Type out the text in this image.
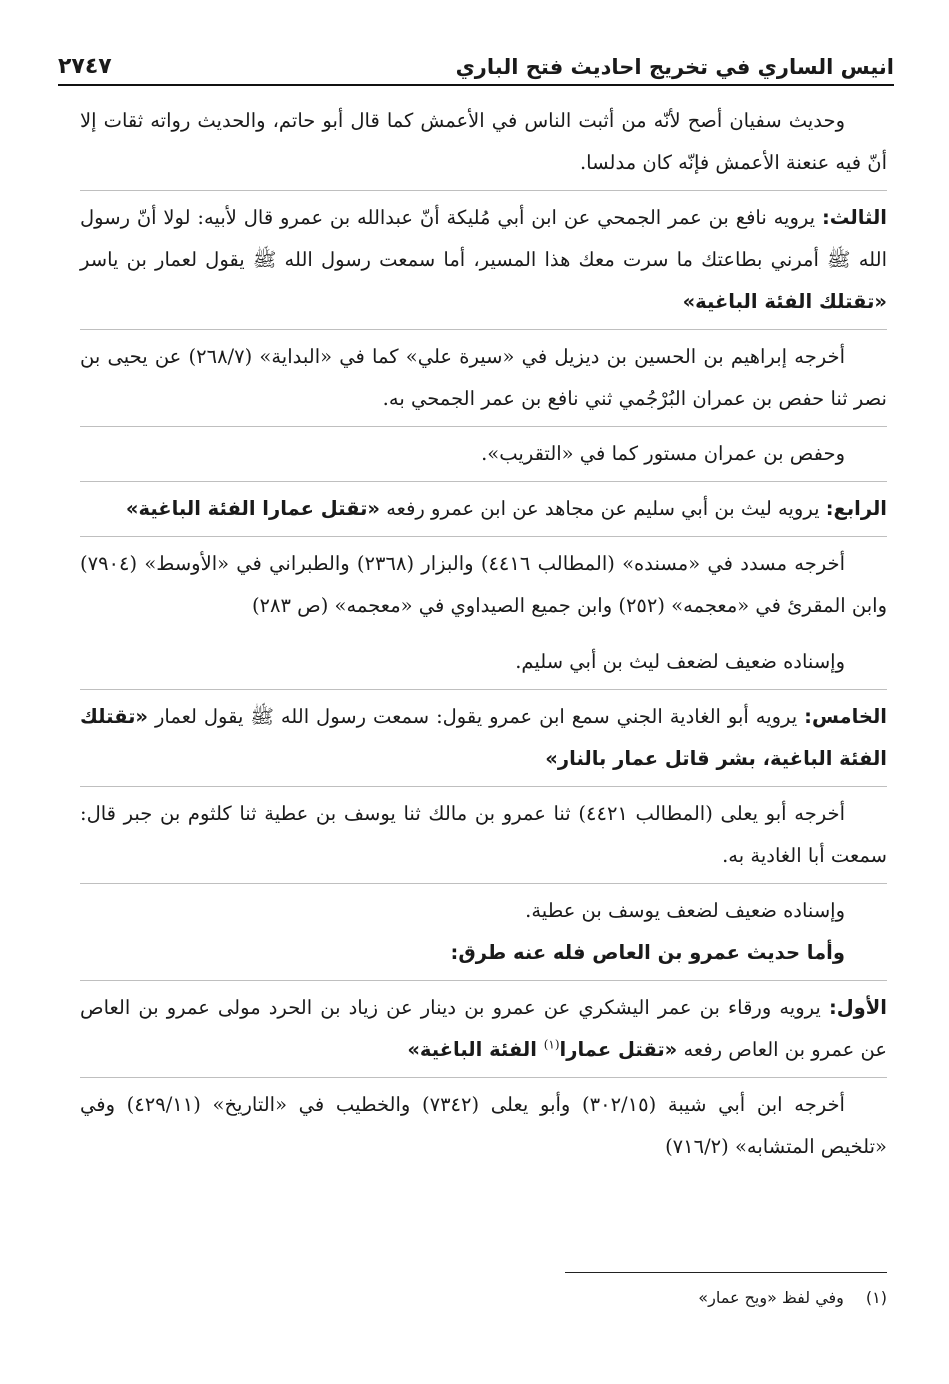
انيس الساري في تخريج احاديث فتح الباري
٢٧٤٧

وحديث سفيان أصح لأنّه من أثبت الناس في الأعمش كما قال أبو حاتم، والحديث رواته ثقات إلا أنّ فيه عنعنة الأعمش فإنّه كان مدلسا.

الثالث: يرويه نافع بن عمر الجمحي عن ابن أبي مُليكة أنّ عبدالله بن عمرو قال لأبيه: لولا أنّ رسول الله ﷺ أمرني بطاعتك ما سرت معك هذا المسير، أما سمعت رسول الله ﷺ يقول لعمار بن ياسر «تقتلك الفئة الباغية»

أخرجه إبراهيم بن الحسين بن ديزيل في «سيرة علي» كما في «البداية» (٢٦٨/٧) عن يحيى بن نصر ثنا حفص بن عمران البُرْجُمي ثني نافع بن عمر الجمحي به.

وحفص بن عمران مستور كما في «التقريب».

الرابع: يرويه ليث بن أبي سليم عن مجاهد عن ابن عمرو رفعه «تقتل عمارا الفئة الباغية»

أخرجه مسدد في «مسنده» (المطالب ٤٤١٦) والبزار (٢٣٦٨) والطبراني في «الأوسط» (٧٩٠٤) وابن المقرئ في «معجمه» (٢٥٢) وابن جميع الصيداوي في «معجمه» (ص ٢٨٣)

وإسناده ضعيف لضعف ليث بن أبي سليم.

الخامس: يرويه أبو الغادية الجني سمع ابن عمرو يقول: سمعت رسول الله ﷺ يقول لعمار «تقتلك الفئة الباغية، بشر قاتل عمار بالنار»

أخرجه أبو يعلى (المطالب ٤٤٢١) ثنا عمرو بن مالك ثنا يوسف بن عطية ثنا كلثوم بن جبر قال: سمعت أبا الغادية به.

وإسناده ضعيف لضعف يوسف بن عطية.

وأما حديث عمرو بن العاص فله عنه طرق:

الأول: يرويه ورقاء بن عمر اليشكري عن عمرو بن دينار عن زياد بن الحرد مولى عمرو بن العاص عن عمرو بن العاص رفعه «تقتل عمارا$^{(١)}$ الفئة الباغية»

أخرجه ابن أبي شيبة (٣٠٢/١٥) وأبو يعلى (٧٣٤٢) والخطيب في «التاريخ» (٤٢٩/١١) وفي «تلخيص المتشابه» (٧١٦/٢)

(١)وفي لفظ «ويح عمار»
